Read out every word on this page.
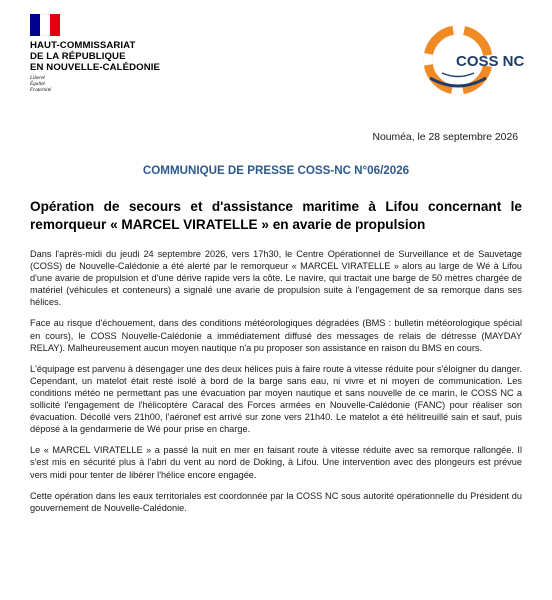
HAUT-COMMISSARIAT
DE LA RÉPUBLIQUE
EN NOUVELLE-CALÉDONIE
Liberté
Égalité
Fraternité
COSS NC
Nouméa, le 28 septembre 2026
COMMUNIQUE DE PRESSE COSS-NC N°06/2026
Opération de secours et d'assistance maritime à Lifou concernant le remorqueur « MARCEL VIRATELLE » en avarie de propulsion

Dans l'après-midi du jeudi 24 septembre 2026, vers 17h30, le Centre Opérationnel de Surveillance et de Sauvetage (COSS) de Nouvelle-Calédonie a été alerté par le remorqueur « MARCEL VIRATELLE » alors au large de Wé à Lifou d'une avarie de propulsion et d'une dérive rapide vers la côte. Le navire, qui tractait une barge de 50 mètres chargée de matériel (véhicules et conteneurs) a signalé une avarie de propulsion suite à l'engagement de sa remorque dans ses hélices.

Face au risque d'échouement, dans des conditions météorologiques dégradées (BMS : bulletin météorologique spécial en cours), le COSS Nouvelle-Calédonie a immédiatement diffusé des messages de relais de détresse (MAYDAY RELAY). Malheureusement aucun moyen nautique n'a pu proposer son assistance en raison du BMS en cours.

L'équipage est parvenu à désengager une des deux hélices puis à faire route à vitesse réduite pour s'éloigner du danger. Cependant, un matelot était resté isolé à bord de la barge sans eau, ni vivre et ni moyen de communication. Les conditions météo ne permettant pas une évacuation par moyen nautique et sans nouvelle de ce marin, le COSS NC a sollicité l'engagement de l'hélicoptère Caracal des Forces armées en Nouvelle-Calédonie (FANC) pour réaliser son évacuation. Décollé vers 21h00, l'aéronef est arrivé sur zone vers 21h40. Le matelot a été hélitreuillé sain et sauf, puis déposé à la gendarmerie de Wé pour prise en charge.

Le « MARCEL VIRATELLE » a passé la nuit en mer en faisant route à vitesse réduite avec sa remorque rallongée. Il s'est mis en sécurité plus à l'abri du vent au nord de Doking, à Lifou. Une intervention avec des plongeurs est prévue vers midi pour tenter de libérer l'hélice encore engagée.

Cette opération dans les eaux territoriales est coordonnée par la COSS NC sous autorité opérationnelle du Président du gouvernement de Nouvelle-Calédonie.
